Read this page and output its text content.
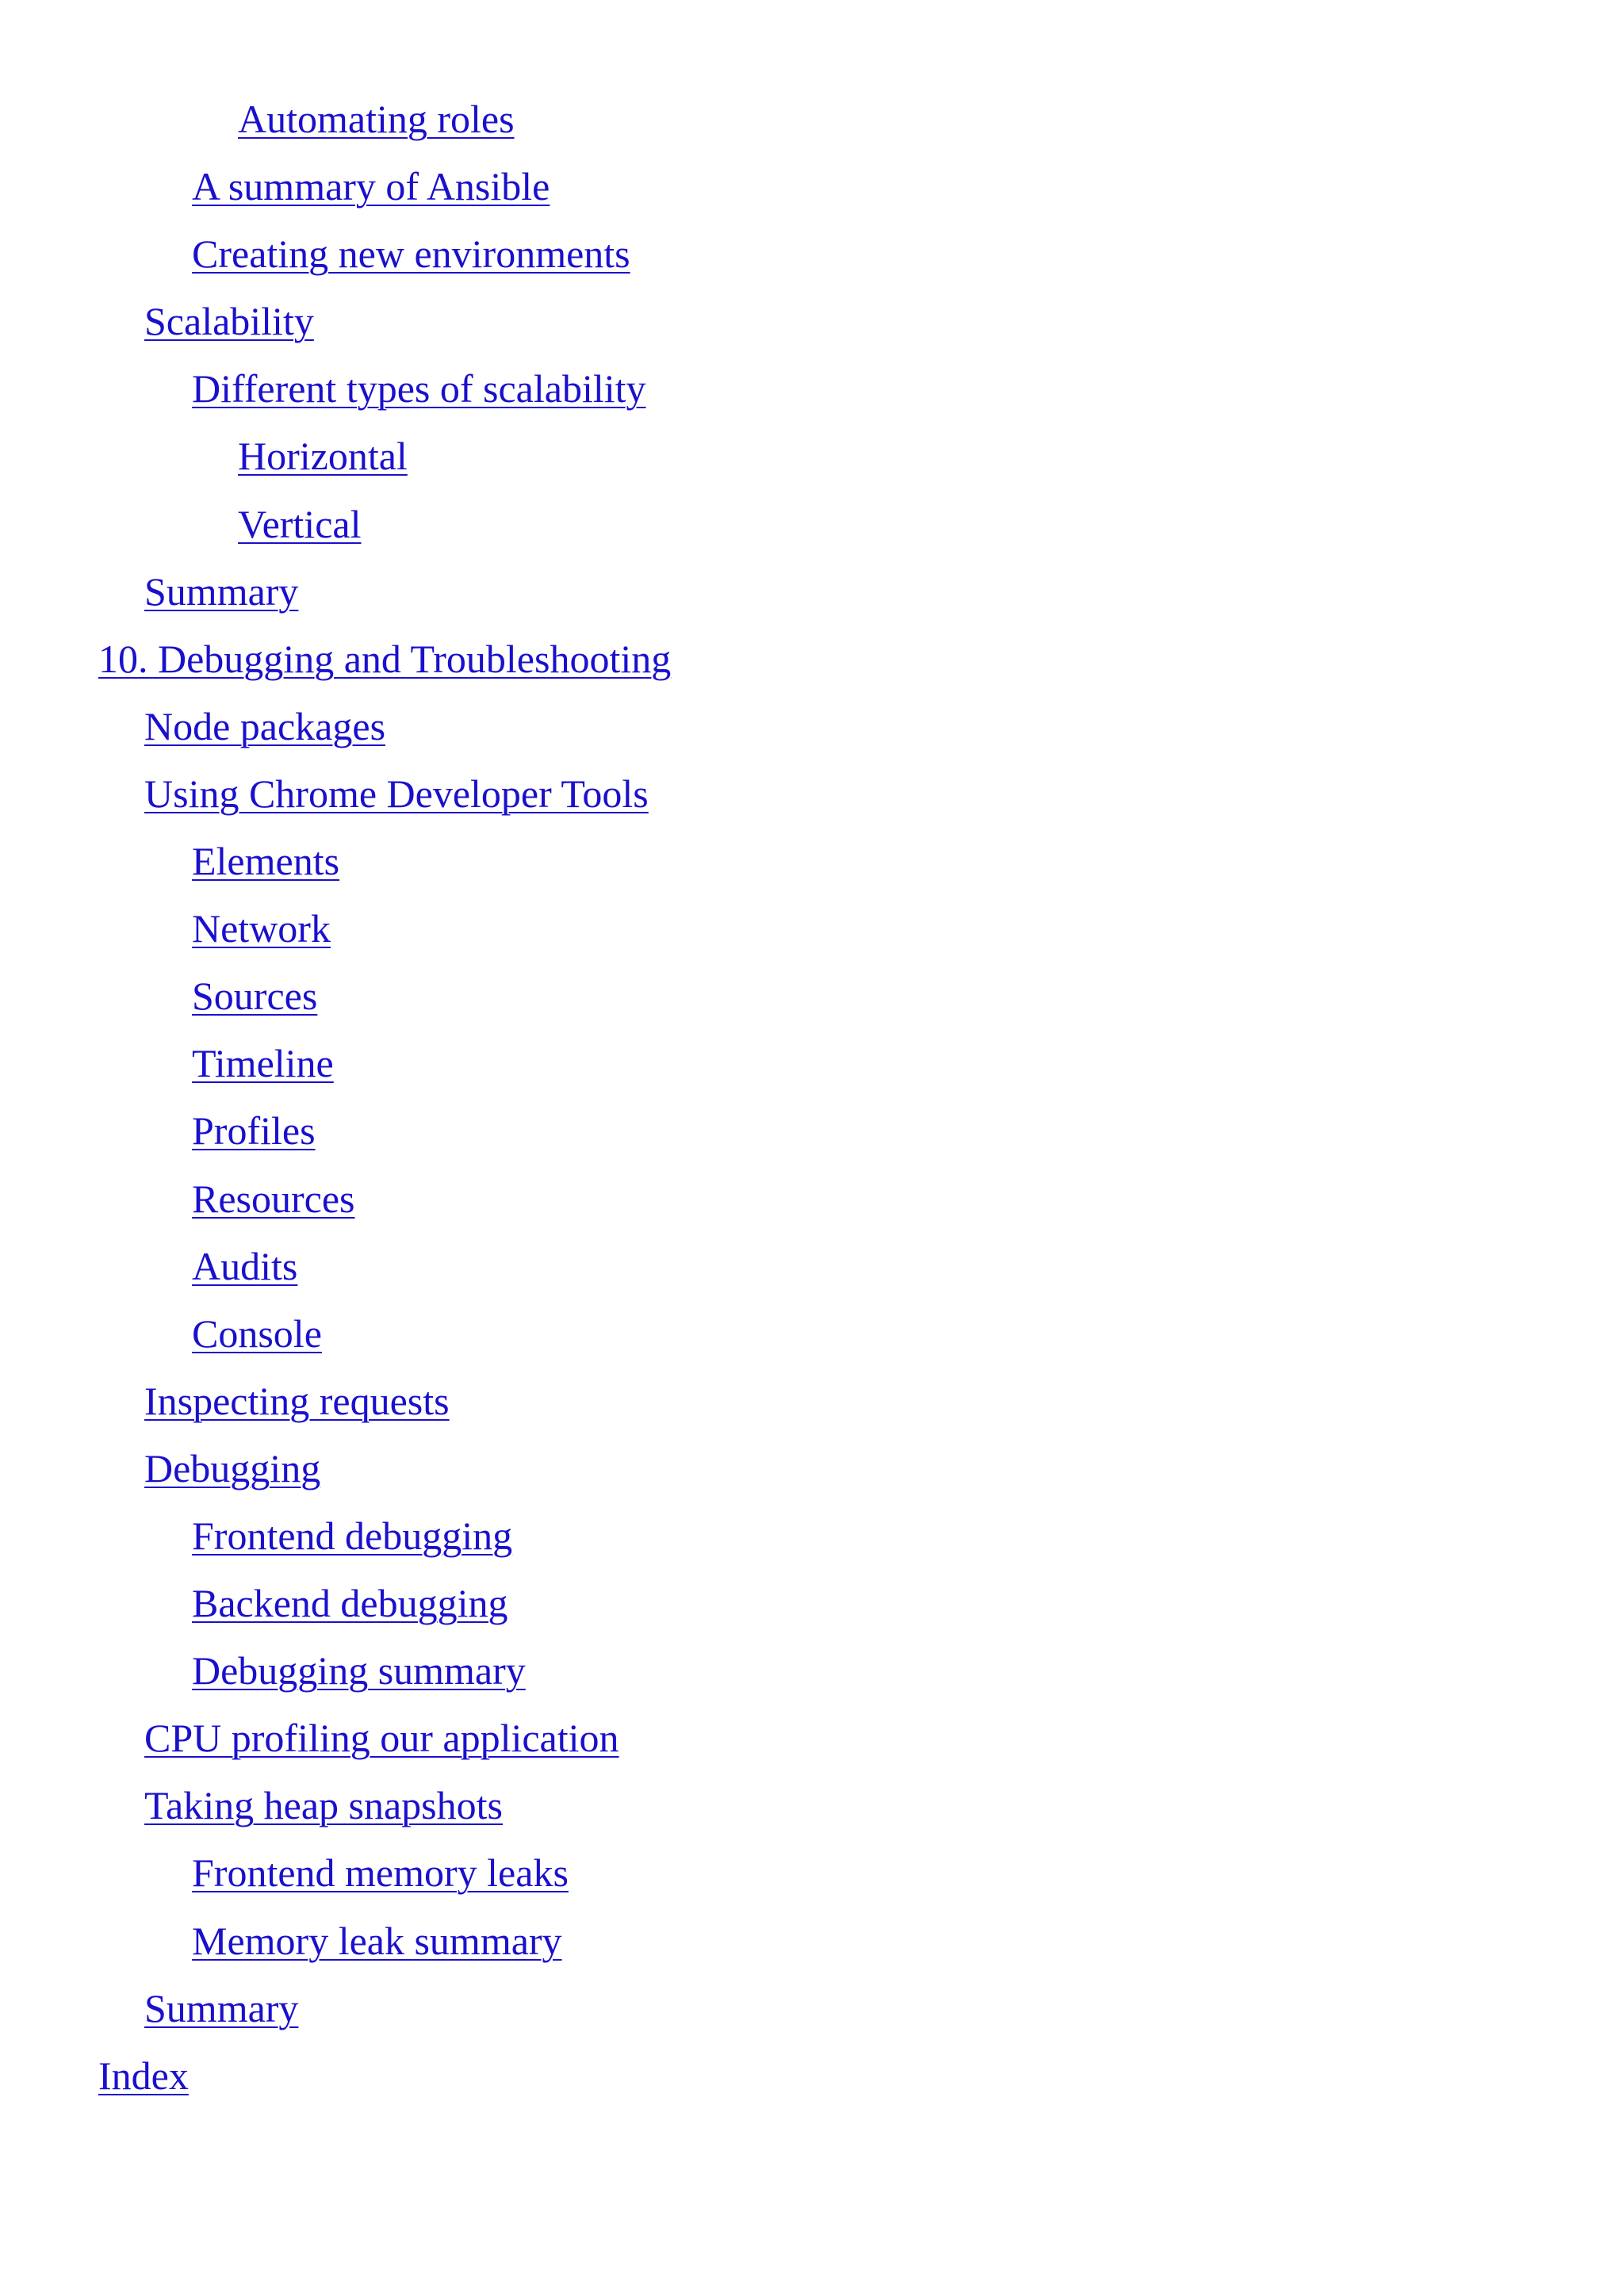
Automating roles
A summary of Ansible
Creating new environments
Scalability
Different types of scalability
Horizontal
Vertical
Summary
10. Debugging and Troubleshooting
Node packages
Using Chrome Developer Tools
Elements
Network
Sources
Timeline
Profiles
Resources
Audits
Console
Inspecting requests
Debugging
Frontend debugging
Backend debugging
Debugging summary
CPU profiling our application
Taking heap snapshots
Frontend memory leaks
Memory leak summary
Summary
Index
